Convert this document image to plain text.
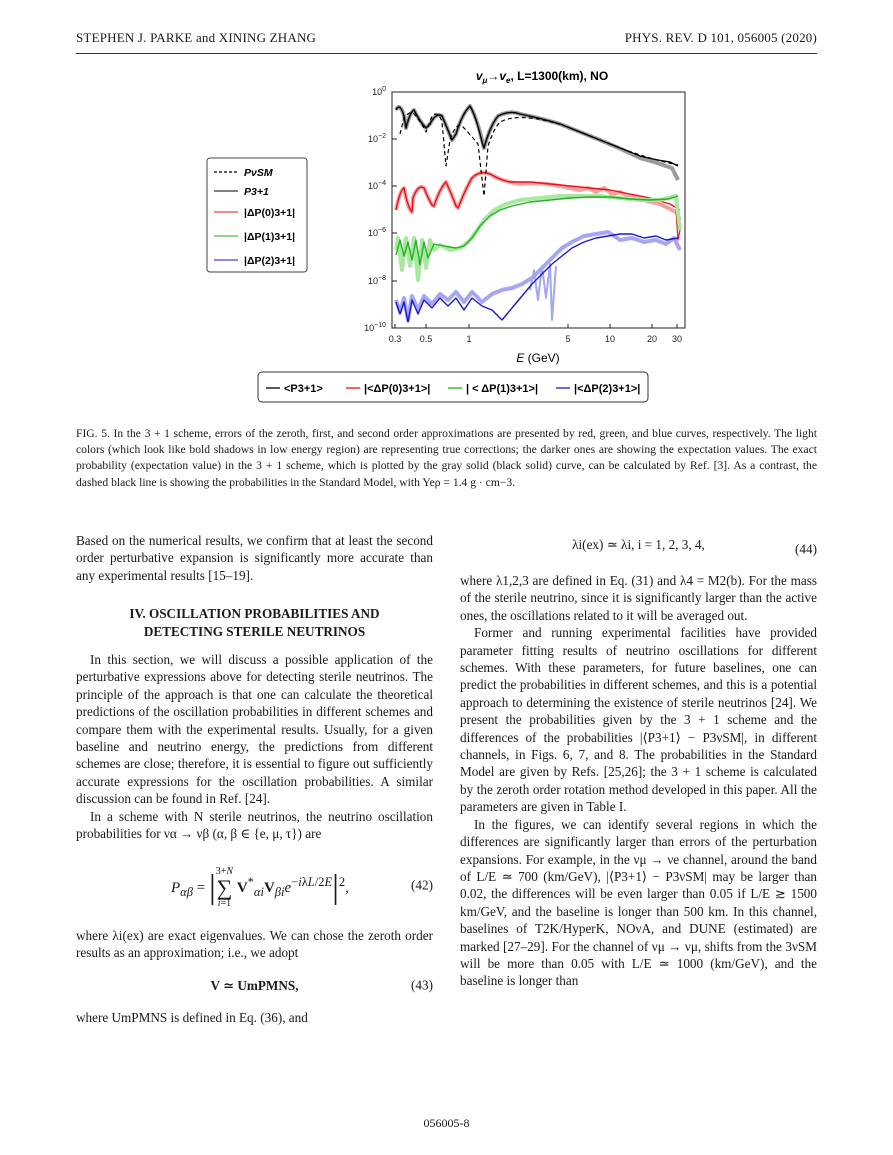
STEPHEN J. PARKE and XINING ZHANG	PHYS. REV. D 101, 056005 (2020)
$v_\mu\to v_e$, L=1300(km), NO
$10^0$
$10^{-2}$
$10^{-4}$
$10^{-6}$
$10^{-8}$
$10^{-10}$
0.3 0.5	1	5	10	20 30
E (GeV)
PνSM
P3+1
|ΔP(0)3+1|
|ΔP(1)3+1|
|ΔP(2)3+1|
<P3+1>	|<ΔP(0)3+1>|	| < ΔP(1)3+1>|	|<ΔP(2)3+1>|
FIG. 5. In the 3 + 1 scheme, errors of the zeroth, first, and second order approximations are presented by red, green, and blue curves, respectively. The light colors (which look like bold shadows in low energy region) are representing true corrections; the darker ones are showing the expectation values. The exact probability (expectation value) in the 3 + 1 scheme, which is plotted by the gray solid (black solid) curve, can be calculated by Ref. [3]. As a contrast, the dashed black line is showing the probabilities in the Standard Model, with Yeρ = 1.4 g · cm−3.

Based on the numerical results, we confirm that at least the second order perturbative expansion is significantly more accurate than any experimental results [15–19].

IV. OSCILLATION PROBABILITIES AND
DETECTING STERILE NEUTRINOS

In this section, we will discuss a possible application of the perturbative expressions above for detecting sterile neutrinos. The principle of the approach is that one can calculate the theoretical predictions of the oscillation probabilities in different schemes and compare them with the experimental results. Usually, for a given baseline and neutrino energy, the predictions from different schemes are close; therefore, it is essential to figure out sufficiently accurate expressions for the oscillation probabilities. A similar discussion can be found in Ref. [24].

In a scheme with N sterile neutrinos, the neutrino oscillation probabilities for να → νβ (α, β ∈ {e, μ, τ}) are

$P_{\alpha\beta} = |3+N$
∑
i=1 $V^*_{\alpha i}V_{\beta i}e^{-i\lambda L/2E}|^2$,	(42)

where λi(ex) are exact eigenvalues. We can chose the zeroth order results as an approximation; i.e., we adopt

V ≃ UmPMNS,	(43)

where UmPMNS is defined in Eq. (36), and

λi(ex) ≃ λi, i = 1, 2, 3, 4,	(44)

where λ1,2,3 are defined in Eq. (31) and λ4 = M2(b). For the mass of the sterile neutrino, since it is significantly larger than the active ones, the oscillations related to it will be averaged out.

Former and running experimental facilities have provided parameter fitting results of neutrino oscillations for different schemes. With these parameters, for future baselines, one can predict the probabilities in different schemes, and this is a potential approach to determining the existence of sterile neutrinos [24]. We present the probabilities given by the 3 + 1 scheme and the differences of the probabilities |⟨P3+1⟩ − P3νSM|, in different channels, in Figs. 6, 7, and 8. The probabilities in the Standard Model are given by Refs. [25,26]; the 3 + 1 scheme is calculated by the zeroth order rotation method developed in this paper. All the parameters are given in Table I.

In the figures, we can identify several regions in which the differences are significantly larger than errors of the perturbation expansions. For example, in the νμ → νe channel, around the band of L/E ≃ 700 (km/GeV), |⟨P3+1⟩ − P3νSM| may be larger than 0.02, the differences will be even larger than 0.05 if L/E ≳ 1500 km/GeV, and the baseline is longer than 500 km. In this channel, baselines of T2K/HyperK, NOνA, and DUNE (estimated) are marked [27–29]. For the channel of νμ → νμ, shifts from the 3νSM will be more than 0.05 with L/E ≃ 1000 (km/GeV), and the baseline is longer than

056005-8
